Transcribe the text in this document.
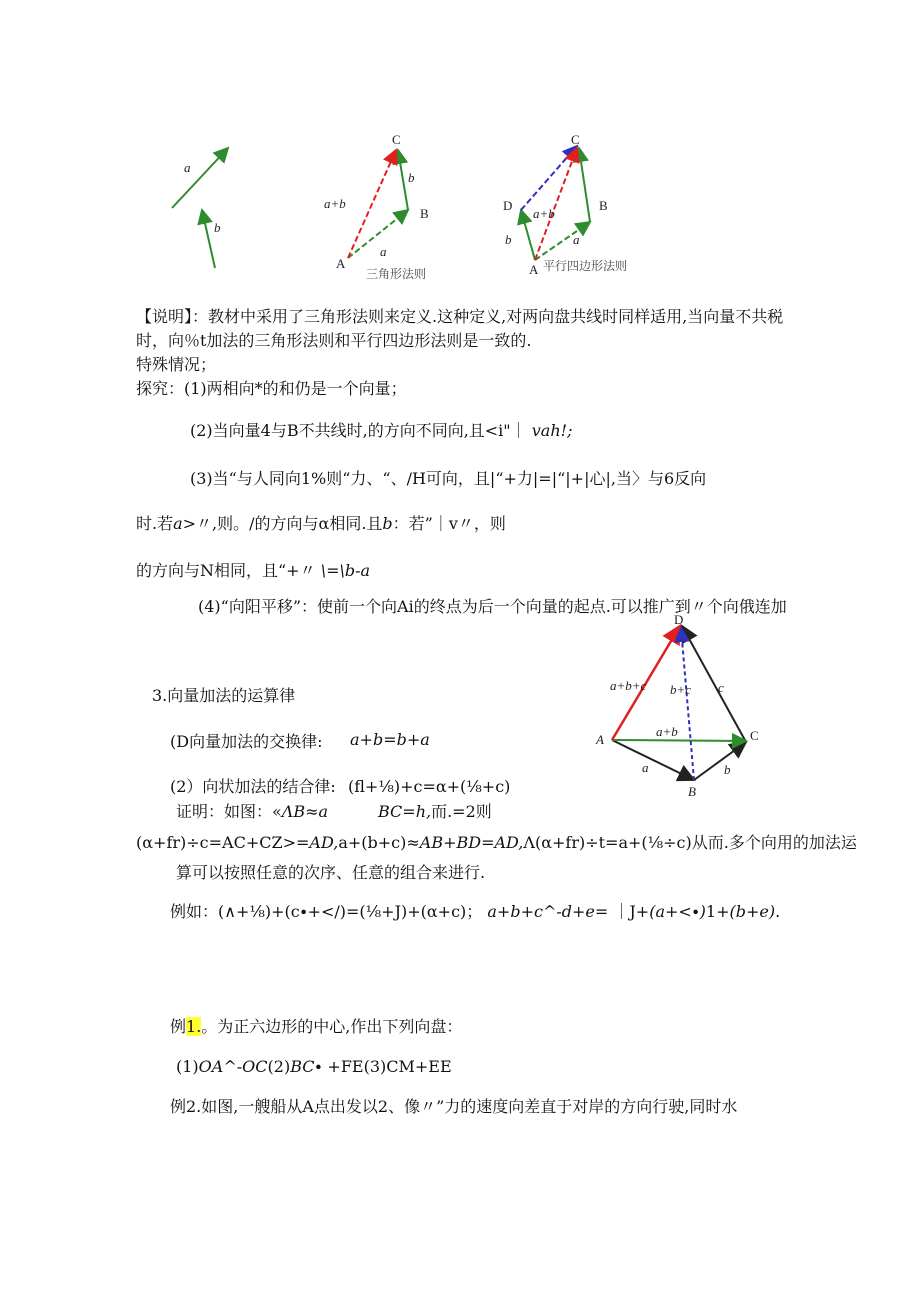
a
b
C
b
a+b
B
a
A
三角形法则
C
D
a+b
B
b	a
A 平行四边形法则
【说明】：教材中采用了三角形法则来定义.这种定义,对两向盘共线时同样适用,当向量不共税
时，向％t加法的三角形法则和平行四边形法则是一致的.
特殊情况；
探究：(1)两相向*的和仍是一个向量；
(2)当向量4与B不共线时,的方向不同向,且<i"｜ vah!;
(3)当“与人同向1%则“力、“、/H可向，且|“+力|=|“|+|心|,当〉与6反向
时.若a>〃,则。/的方向与α相同.且b：若”｜v〃，则
的方向与N相同，且“+〃 \=\b-a
(4)“向阳平移”：使前一个向Ai的终点为后一个向量的起点.可以推广到〃个向俄连加
D
a+b+c b+c c
A
a+b	C
a	b
B
3.向量加法的运算律
(D向量加法的交换律: a+b=b+a
(2）向状加法的结合律: (fl+⅛)+c=α+(⅛+c)
证明：如图：«ΛB≈a	BC=h,而.=2则
(α+fr)÷c=AC+CZ>=AD,a+(b+c)≈AB+BD=AD,Λ(α+fr)÷t=a+(⅛÷c)从而.多个向用的加法运
算可以按照任意的次序、任意的组合来进行.
例如：(∧+⅛)+(c∙+</)=(⅛+J)+(α+c)； a+b+c^-d+e= ｜J+(a+<∙)1+(b+e).
例1.。为正六边形的中心,作出下列向盘：
(1)OA^-OC(2)BC∙ +FE(3)CM+EE
例2.如图,一艘船从A点出发以2、像〃”力的速度向差直于对岸的方向行驶,同时水
